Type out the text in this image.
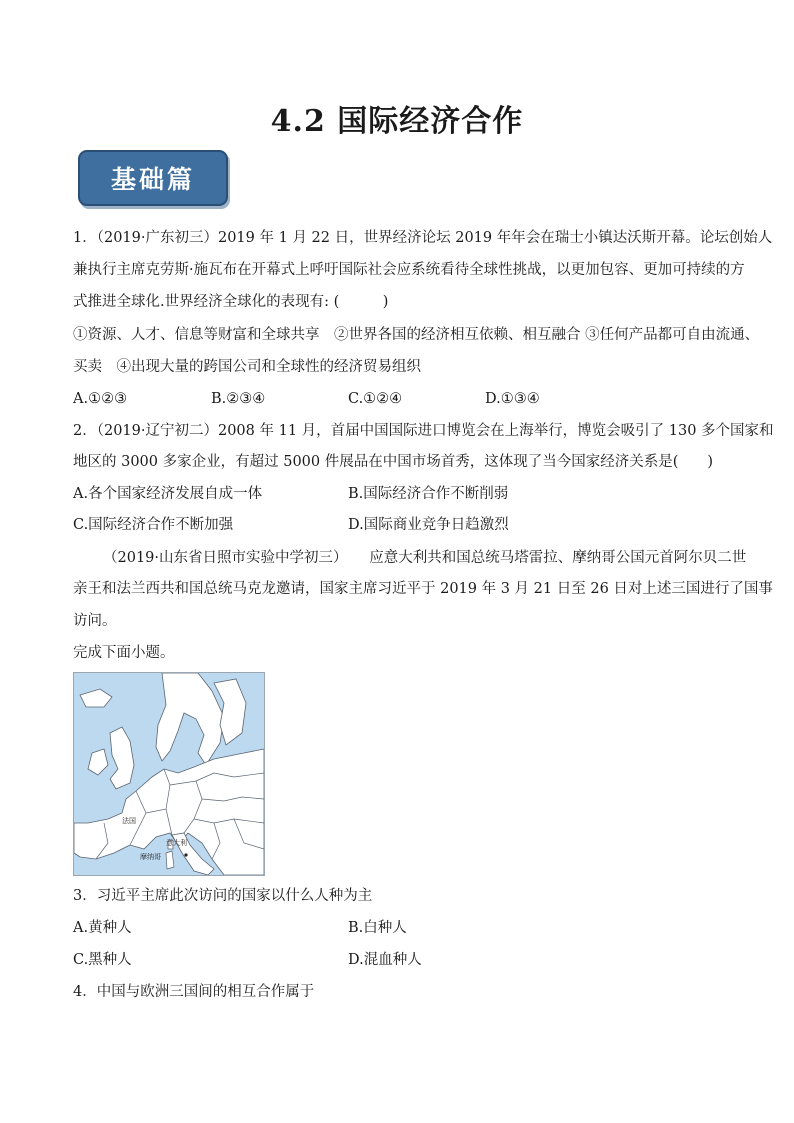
4.2 国际经济合作
基础篇
1．（2019·广东初三）2019 年 1 月 22 日，世界经济论坛 2019 年年会在瑞士小镇达沃斯开幕。论坛创始人
兼执行主席克劳斯·施瓦布在开幕式上呼吁国际社会应系统看待全球性挑战，以更加包容、更加可持续的方
式推进全球化.世界经济全球化的表现有: (　　　)
①资源、人才、信息等财富和全球共享　②世界各国的经济相互依赖、相互融合 ③任何产品都可自由流通、
买卖　④出现大量的跨国公司和全球性的经济贸易组织
A.①②③	B.②③④	C.①②④	D.①③④
2．（2019·辽宁初二）2008 年 11 月，首届中国国际进口博览会在上海举行，博览会吸引了 130 多个国家和
地区的 3000 多家企业，有超过 5000 件展品在中国市场首秀，这体现了当今国家经济关系是(　　)
A.各个国家经济发展自成一体	B.国际经济合作不断削弱
C.国际经济合作不断加强	D.国际商业竞争日趋激烈
（2019·山东省日照市实验中学初三）　　应意大利共和国总统马塔雷拉、摩纳哥公国元首阿尔贝二世
亲王和法兰西共和国总统马克龙邀请，国家主席习近平于 2019 年 3 月 21 日至 26 日对上述三国进行了国事
访问。
完成下面小题。
法国
意大利
摩纳哥
3．习近平主席此次访问的国家以什么人种为主
A.黄种人	B.白种人
C.黑种人	D.混血种人
4．中国与欧洲三国间的相互合作属于
